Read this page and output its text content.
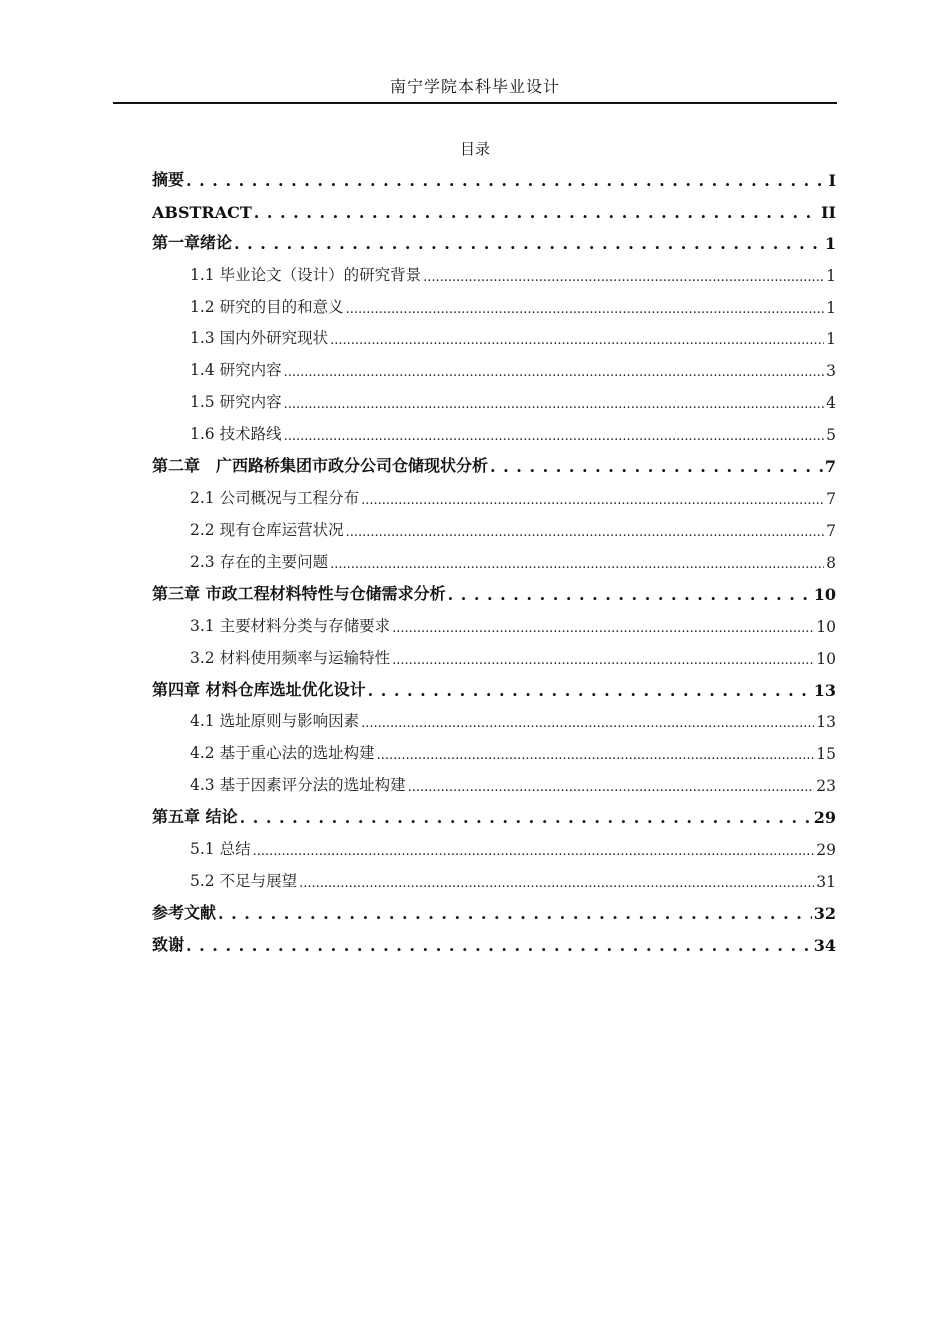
南宁学院本科毕业设计
目录
摘要 . . .	I
ABSTRACT . . .	II
第一章绪论 . . .	1
1.1 毕业论文（设计）的研究背景 .....	1
1.2 研究的目的和意义 .....	1
1.3 国内外研究现状 .....	1
1.4 研究内容 .....	3
1.5 研究内容 .....	4
1.6 技术路线 .....	5
第二章　广西路桥集团市政分公司仓储现状分析 . . .	7
2.1 公司概况与工程分布 .....	7
2.2 现有仓库运营状况 .....	7
2.3 存在的主要问题 .....	8
第三章 市政工程材料特性与仓储需求分析 . . .	10
3.1 主要材料分类与存储要求 .....	10
3.2 材料使用频率与运输特性 .....	10
第四章 材料仓库选址优化设计 . . .	13
4.1 选址原则与影响因素 .....	13
4.2 基于重心法的选址构建 .....	15
4.3 基于因素评分法的选址构建 .....	23
第五章 结论 . . .	29
5.1 总结 .....	29
5.2 不足与展望 .....	31
参考文献 . . .	32
致谢 . . .	34
